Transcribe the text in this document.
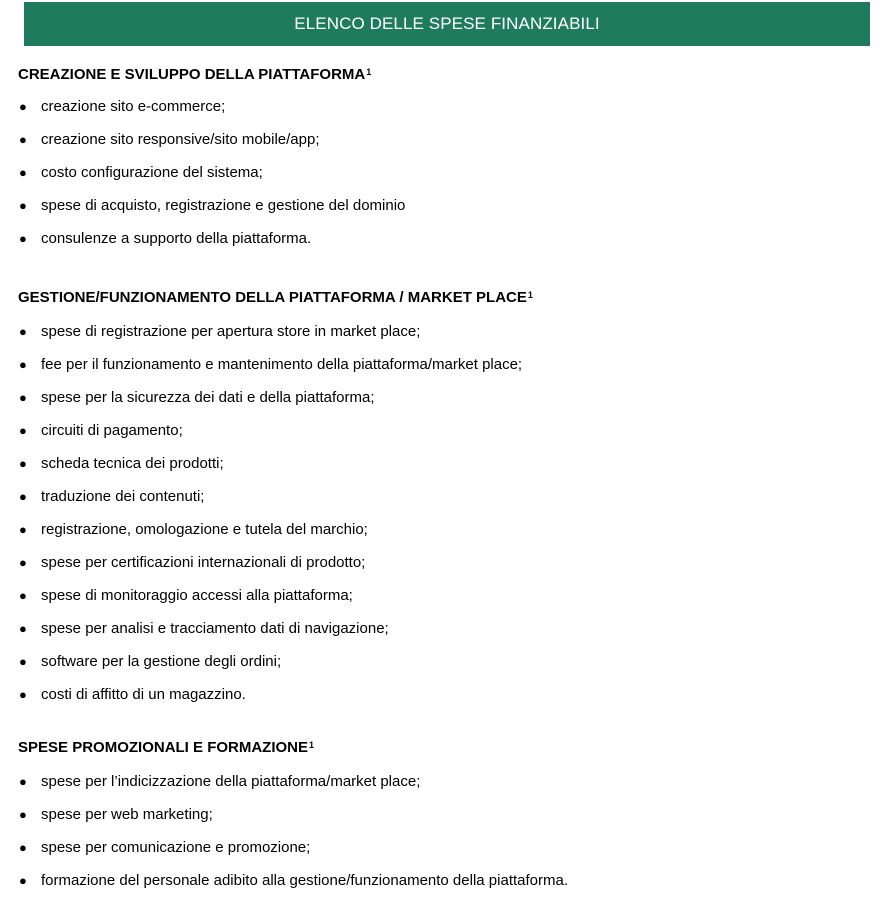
ELENCO DELLE SPESE FINANZIABILI
CREAZIONE E SVILUPPO DELLA PIATTAFORMA$^1$
● creazione sito e-commerce;
● creazione sito responsive/sito mobile/app;
● costo configurazione del sistema;
● spese di acquisto, registrazione e gestione del dominio
● consulenze a supporto della piattaforma.
GESTIONE/FUNZIONAMENTO DELLA PIATTAFORMA / MARKET PLACE$^1$
● spese di registrazione per apertura store in market place;
● fee per il funzionamento e mantenimento della piattaforma/market place;
● spese per la sicurezza dei dati e della piattaforma;
● circuiti di pagamento;
● scheda tecnica dei prodotti;
● traduzione dei contenuti;
● registrazione, omologazione e tutela del marchio;
● spese per certificazioni internazionali di prodotto;
● spese di monitoraggio accessi alla piattaforma;
● spese per analisi e tracciamento dati di navigazione;
● software per la gestione degli ordini;
● costi di affitto di un magazzino.
SPESE PROMOZIONALI E FORMAZIONE$^1$
● spese per l’indicizzazione della piattaforma/market place;
● spese per web marketing;
● spese per comunicazione e promozione;
● formazione del personale adibito alla gestione/funzionamento della piattaforma.
